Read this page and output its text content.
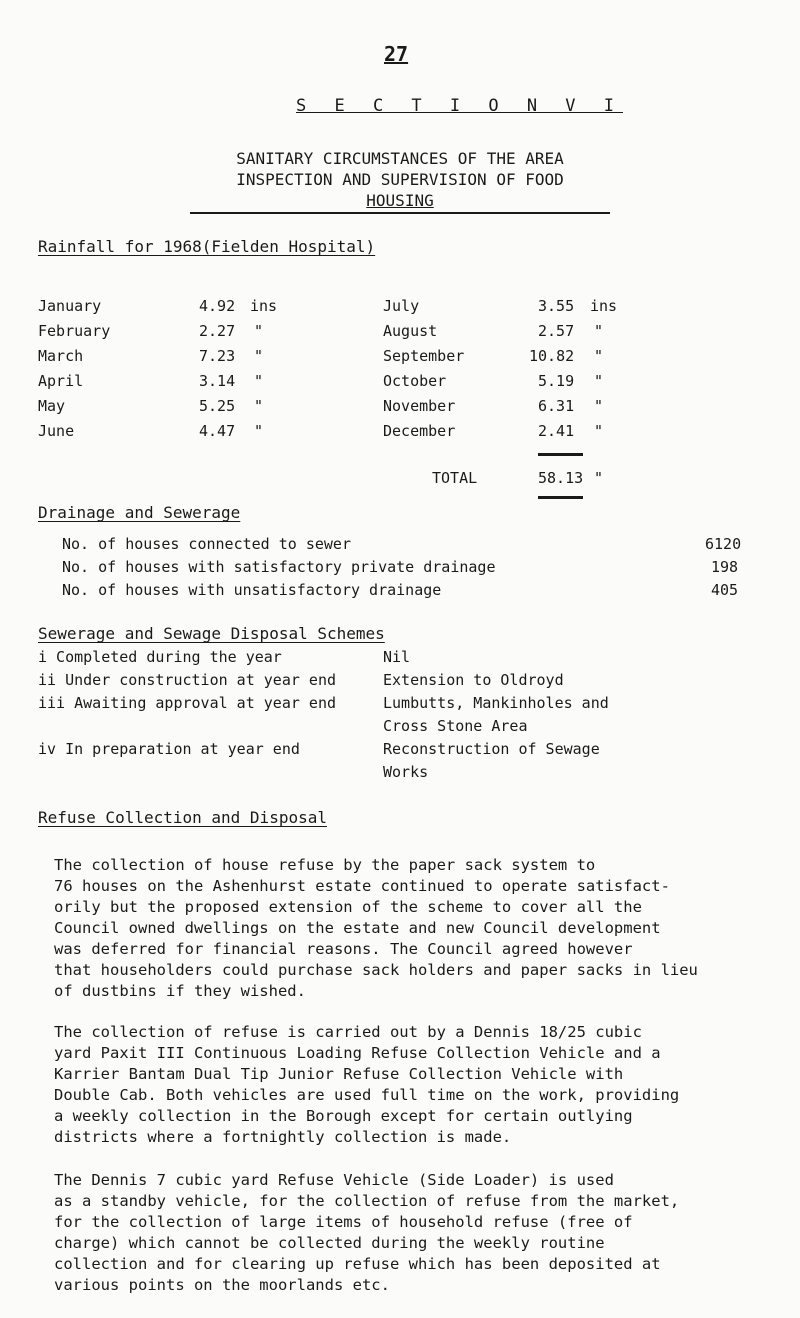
27
S E C T I O N V I
SANITARY CIRCUMSTANCES OF THE AREA
INSPECTION AND SUPERVISION OF FOOD
HOUSING
Rainfall for 1968(Fielden Hospital)
January	4.92 ins
February	2.27 "
March	7.23 "
April	3.14 "
May	5.25 "
June	4.47 "
July	3.55 ins
August	2.57 "
September	10.82 "
October	5.19 "
November	6.31 "
December	2.41 "
TOTAL	58.13 "
Drainage and Sewerage
No. of houses connected to sewer	6120
No. of houses with satisfactory private drainage	198
No. of houses with unsatisfactory drainage	405
Sewerage and Sewage Disposal Schemes
i Completed during the year	Nil
ii Under construction at year end	Extension to Oldroyd
iii Awaiting approval at year end	Lumbutts, Mankinholes and
Cross Stone Area
iv In preparation at year end	Reconstruction of Sewage
Works
Refuse Collection and Disposal
The collection of house refuse by the paper sack system to
76 houses on the Ashenhurst estate continued to operate satisfact-
orily but the proposed extension of the scheme to cover all the
Council owned dwellings on the estate and new Council development
was deferred for financial reasons. The Council agreed however
that householders could purchase sack holders and paper sacks in lieu
of dustbins if they wished.
The collection of refuse is carried out by a Dennis 18/25 cubic
yard Paxit III Continuous Loading Refuse Collection Vehicle and a
Karrier Bantam Dual Tip Junior Refuse Collection Vehicle with
Double Cab. Both vehicles are used full time on the work, providing
a weekly collection in the Borough except for certain outlying
districts where a fortnightly collection is made.
The Dennis 7 cubic yard Refuse Vehicle (Side Loader) is used
as a standby vehicle, for the collection of refuse from the market,
for the collection of large items of household refuse (free of
charge) which cannot be collected during the weekly routine
collection and for clearing up refuse which has been deposited at
various points on the moorlands etc.
